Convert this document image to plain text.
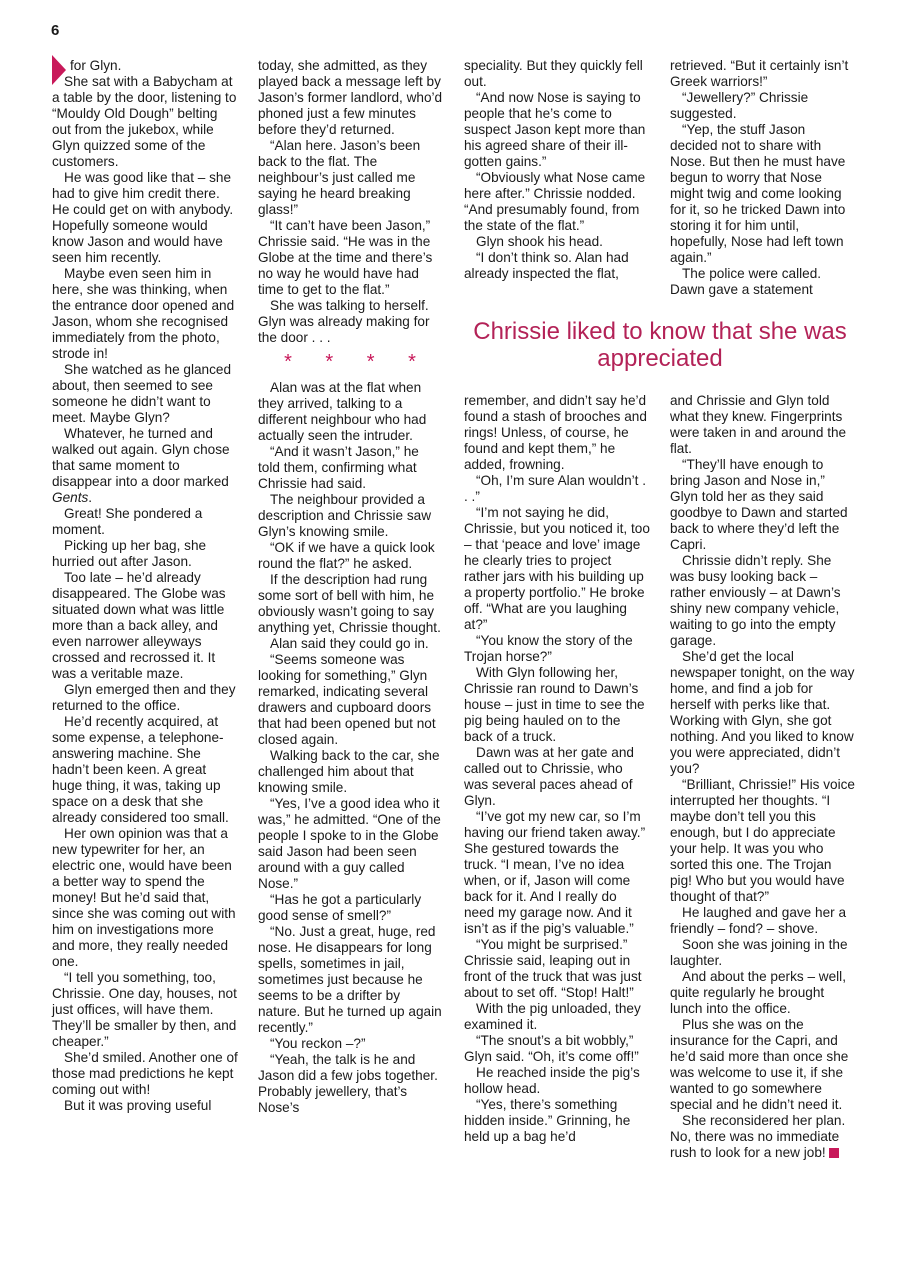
6

for Glyn.

She sat with a Babycham at a table by the door, listening to “Mouldy Old Dough” belting out from the jukebox, while Glyn quizzed some of the customers.

He was good like that – she had to give him credit there. He could get on with anybody. Hopefully someone would know Jason and would have seen him recently.

Maybe even seen him in here, she was thinking, when the entrance door opened and Jason, whom she recognised immediately from the photo, strode in!

She watched as he glanced about, then seemed to see someone he didn’t want to meet. Maybe Glyn?

Whatever, he turned and walked out again. Glyn chose that same moment to disappear into a door marked Gents.

Great! She pondered a moment.

Picking up her bag, she hurried out after Jason.

Too late – he’d already disappeared. The Globe was situated down what was little more than a back alley, and even narrower alleyways crossed and recrossed it. It was a veritable maze.

Glyn emerged then and they returned to the office.

He’d recently acquired, at some expense, a telephone-answering machine. She hadn’t been keen. A great huge thing, it was, taking up space on a desk that she already considered too small.

Her own opinion was that a new typewriter for her, an electric one, would have been a better way to spend the money! But he’d said that, since she was coming out with him on investigations more and more, they really needed one.

“I tell you something, too, Chrissie. One day, houses, not just offices, will have them. They’ll be smaller by then, and cheaper.”

She’d smiled. Another one of those mad predictions he kept coming out with!

But it was proving useful

today, she admitted, as they played back a message left by Jason’s former landlord, who’d phoned just a few minutes before they’d returned.

“Alan here. Jason’s been back to the flat. The neighbour’s just called me saying he heard breaking glass!”

“It can’t have been Jason,” Chrissie said. “He was in the Globe at the time and there’s no way he would have had time to get to the flat.”

She was talking to herself. Glyn was already making for the door . . .

* * * *

Alan was at the flat when they arrived, talking to a different neighbour who had actually seen the intruder.

“And it wasn’t Jason,” he told them, confirming what Chrissie had said.

The neighbour provided a description and Chrissie saw Glyn’s knowing smile.

“OK if we have a quick look round the flat?” he asked.

If the description had rung some sort of bell with him, he obviously wasn’t going to say anything yet, Chrissie thought.

Alan said they could go in.

“Seems someone was looking for something,” Glyn remarked, indicating several drawers and cupboard doors that had been opened but not closed again.

Walking back to the car, she challenged him about that knowing smile.

“Yes, I’ve a good idea who it was,” he admitted. “One of the people I spoke to in the Globe said Jason had been seen around with a guy called Nose.”

“Has he got a particularly good sense of smell?”

“No. Just a great, huge, red nose. He disappears for long spells, sometimes in jail, sometimes just because he seems to be a drifter by nature. But he turned up again recently.”

“You reckon –?”

“Yeah, the talk is he and Jason did a few jobs together. Probably jewellery, that’s Nose’s

speciality. But they quickly fell out.

“And now Nose is saying to people that he’s come to suspect Jason kept more than his agreed share of their ill-gotten gains.”

“Obviously what Nose came here after.” Chrissie nodded. “And presumably found, from the state of the flat.”

Glyn shook his head.

“I don’t think so. Alan had already inspected the flat,

retrieved. “But it certainly isn’t Greek warriors!”

“Jewellery?” Chrissie suggested.

“Yep, the stuff Jason decided not to share with Nose. But then he must have begun to worry that Nose might twig and come looking for it, so he tricked Dawn into storing it for him until, hopefully, Nose had left town again.”

The police were called. Dawn gave a statement

Chrissie liked to know that she was appreciated

remember, and didn’t say he’d found a stash of brooches and rings! Unless, of course, he found and kept them,” he added, frowning.

“Oh, I’m sure Alan wouldn’t . . .”

“I’m not saying he did, Chrissie, but you noticed it, too – that ‘peace and love’ image he clearly tries to project rather jars with his building up a property portfolio.” He broke off. “What are you laughing at?”

“You know the story of the Trojan horse?”

With Glyn following her, Chrissie ran round to Dawn’s house – just in time to see the pig being hauled on to the back of a truck.

Dawn was at her gate and called out to Chrissie, who was several paces ahead of Glyn.

“I’ve got my new car, so I’m having our friend taken away.” She gestured towards the truck. “I mean, I’ve no idea when, or if, Jason will come back for it. And I really do need my garage now. And it isn’t as if the pig’s valuable.”

“You might be surprised.” Chrissie said, leaping out in front of the truck that was just about to set off. “Stop! Halt!”

With the pig unloaded, they examined it.

“The snout’s a bit wobbly,” Glyn said. “Oh, it’s come off!”

He reached inside the pig’s hollow head.

“Yes, there’s something hidden inside.” Grinning, he held up a bag he’d

and Chrissie and Glyn told what they knew. Fingerprints were taken in and around the flat.

“They’ll have enough to bring Jason and Nose in,” Glyn told her as they said goodbye to Dawn and started back to where they’d left the Capri.

Chrissie didn’t reply. She was busy looking back – rather enviously – at Dawn’s shiny new company vehicle, waiting to go into the empty garage.

She’d get the local newspaper tonight, on the way home, and find a job for herself with perks like that. Working with Glyn, she got nothing. And you liked to know you were appreciated, didn’t you?

“Brilliant, Chrissie!” His voice interrupted her thoughts. “I maybe don’t tell you this enough, but I do appreciate your help. It was you who sorted this one. The Trojan pig! Who but you would have thought of that?”

He laughed and gave her a friendly – fond? – shove.

Soon she was joining in the laughter.

And about the perks – well, quite regularly he brought lunch into the office.

Plus she was on the insurance for the Capri, and he’d said more than once she was welcome to use it, if she wanted to go somewhere special and he didn’t need it.

She reconsidered her plan. No, there was no immediate rush to look for a new job!
